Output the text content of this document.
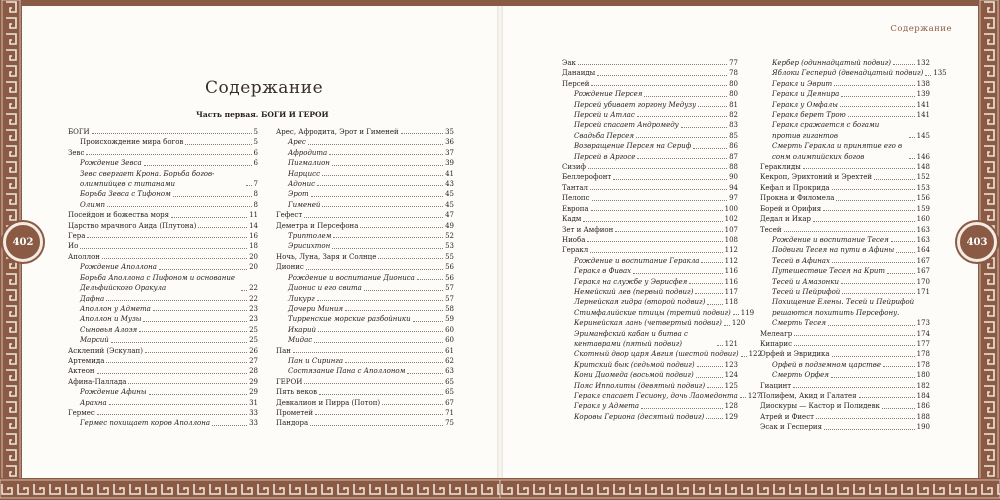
402	403
Содержание
Содержание
Часть первая. БОГИ И ГЕРОИ
БОГИ	5
Происхождение мира богов	5
Зевс	6
Рождение Зевса	6
Зевс свергает Крона. Борьба богов-олимпийцев с титанами	7
Борьба Зевса с Тифоном	8
Олимп	8
Посейдон и божества моря	11
Царство мрачного Аида (Плутона)	14
Гера	16
Ио	18
Аполлон	20
Рождение Аполлона	20
Борьба Аполлона с Пифоном и основание Дельфийского Оракула	22
Дафна	22
Аполлон у Адмета	23
Аполлон и Музы	23
Сыновья Алоэя	25
Марсий	25
Асклепий (Эскулап)	26
Артемида	27
Актеон	28
Афина-Паллада	29
Рождение Афины	29
Арахна	31
Гермес	33
Гермес похищает коров Аполлона	33
Арес, Афродита, Эрот и Гименей	35
Арес	36
Афродита	37
Пигмалион	39
Нарцисс	41
Адонис	43
Эрот	45
Гименей	45
Гефест	47
Деметра и Персефона	49
Триптолем	52
Эрисихтон	53
Ночь, Луна, Заря и Солнце	55
Дионис	56
Рождение и воспитание Диониса	56
Дионис и его свита	57
Ликург	57
Дочери Миния	58
Тирренские морские разбойники	59
Икарий	60
Мидас	60
Пан	61
Пан и Сиринга	62
Состязание Пана с Аполлоном	63
ГЕРОИ	65
Пять веков	65
Девкалион и Пирра (Потоп)	67
Прометей	71
Пандора	75
Эак	77
Данаиды	78
Персей	80
Рождение Персея	80
Персей убивает горгону Медузу	81
Персей и Атлас	82
Персей спасает Андромеду	83
Свадьба Персея	85
Возвращение Персея на Сериф	86
Персей в Аргосе	87
Сизиф	88
Беллерофонт	90
Тантал	94
Пелопс	97
Европа	100
Кадм	102
Зет и Амфион	107
Ниоба	108
Геракл	112
Рождение и воспитание Геракла	112
Геракл в Фивах	116
Геракл на службе у Эврисфея	116
Немейский лев (первый подвиг)	117
Лернейская гидра (второй подвиг)	118
Стимфалийские птицы (третий подвиг) 119
Керинейская лань (четвертый подвиг) 120
Эриманфский кабан и битва с кентаврами (пятый подвиг)	121
Скотный двор царя Авгия (шестой подвиг) 122
Критский бык (седьмой подвиг)	123
Кони Диомеда (восьмой подвиг)	124
Пояс Ипполиты (девятый подвиг)	125
Геракл спасает Гесиону, дочь Лаомедонта 127
Геракл у Адмета	128
Коровы Гериона (десятый подвиг)	129
Кербер (одиннадцатый подвиг)	132
Яблоки Гесперид (двенадцатый подвиг) 135
Геракл и Эврит	138
Геракл и Деянира	139
Геракл у Омфалы	141
Геракл берет Трою	141
Геракл сражается с богами против гигантов	145
Смерть Геракла и принятие его в сонм олимпийских богов	146
Гераклиды	148
Кекроп, Эрихтоний и Эрехтей	152
Кефал и Прокрида	153
Прокна и Филомела	156
Борей и Орифия	159
Дедал и Икар	160
Тесей	163
Рождение и воспитание Тесея	163
Подвиги Тесея на пути в Афины	164
Тесей в Афинах	167
Путешествие Тесея на Крит	167
Тесей и Амазонки	170
Тесей и Пейрифой	171
Похищение Елены. Тесей и Пейрифой решаются похитить Персефону.
Смерть Тесея	173
Мелеагр	174
Кипарис	177
Орфей и Эвридика	178
Орфей в подземном царстве	178
Смерть Орфея	180
Гиацинт	182
Полифем, Акид и Галатея	184
Диоскуры — Кастор и Полидевк	186
Атрей и Фиест	188
Эсак и Гесперия	190
